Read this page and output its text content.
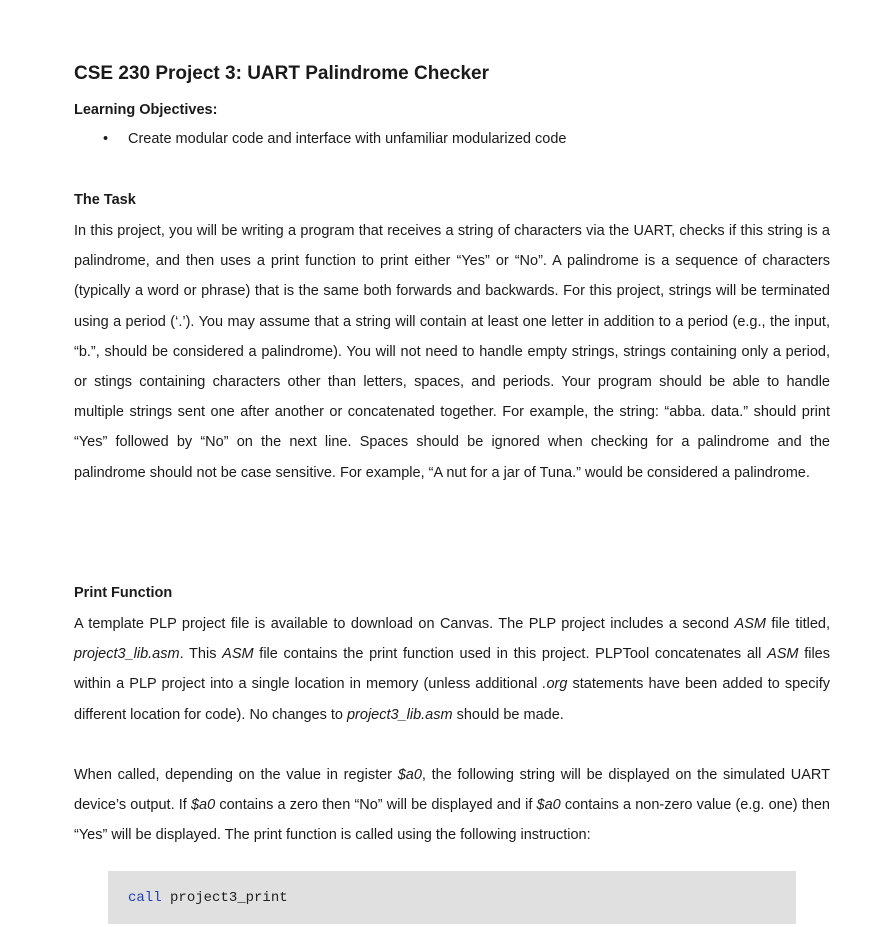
CSE 230 Project 3: UART Palindrome Checker
Learning Objectives:
• Create modular code and interface with unfamiliar modularized code
The Task

In this project, you will be writing a program that receives a string of characters via the UART, checks if this string is a palindrome, and then uses a print function to print either “Yes” or “No”. A palindrome is a sequence of characters (typically a word or phrase) that is the same both forwards and backwards. For this project, strings will be terminated using a period (‘.’). You may assume that a string will contain at least one letter in addition to a period (e.g., the input, “b.”, should be considered a palindrome). You will not need to handle empty strings, strings containing only a period, or stings containing characters other than letters, spaces, and periods. Your program should be able to handle multiple strings sent one after another or concatenated together. For example, the string: “abba. data.” should print “Yes” followed by “No” on the next line. Spaces should be ignored when checking for a palindrome and the palindrome should not be case sensitive. For example, “A nut for a jar of Tuna.” would be considered a palindrome.

Print Function

A template PLP project file is available to download on Canvas. The PLP project includes a second ASM file titled, project3_lib.asm. This ASM file contains the print function used in this project. PLPTool concatenates all ASM files within a PLP project into a single location in memory (unless additional .org statements have been added to specify different location for code). No changes to project3_lib.asm should be made.

When called, depending on the value in register $a0, the following string will be displayed on the simulated UART device’s output. If $a0 contains a zero then “No” will be displayed and if $a0 contains a non-zero value (e.g. one) then “Yes” will be displayed. The print function is called using the following instruction:

call project3_print
